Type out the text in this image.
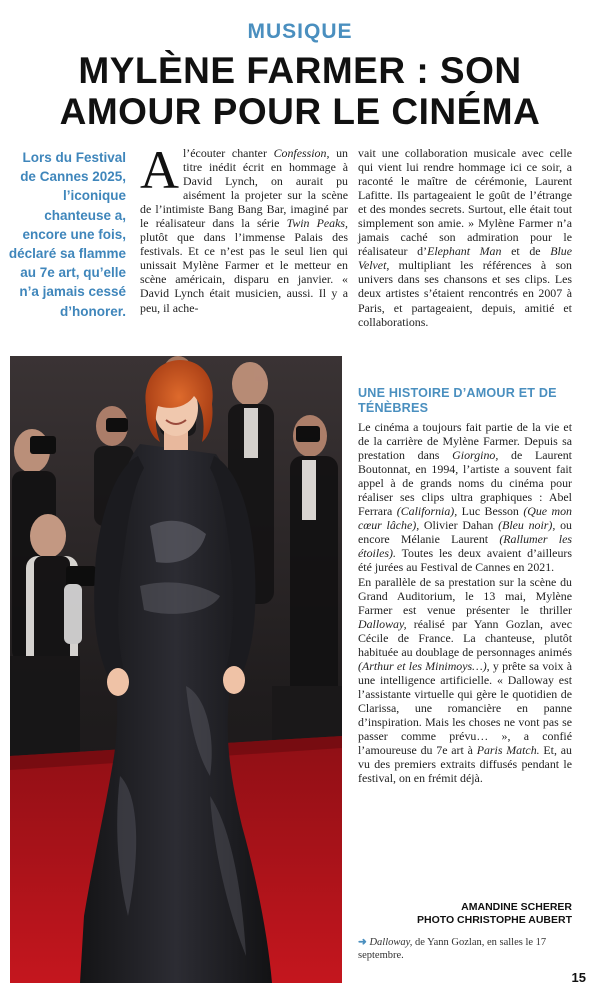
MUSIQUE
MYLÈNE FARMER : SON
AMOUR POUR LE CINÉMA
Lors du Festival de Cannes 2025, l’iconique chanteuse a, encore une fois, déclaré sa flamme au 7e art, qu’elle n’a jamais cessé d’honorer.

Al’écouter chanter Confession, un titre inédit écrit en hommage à David Lynch, on aurait pu aisément la projeter sur la scène de l’intimiste Bang Bang Bar, imaginé par le réalisateur dans la série Twin Peaks, plutôt que dans l’immense Palais des festivals. Et ce n’est pas le seul lien qui unissait Mylène Farmer et le metteur en scène américain, disparu en janvier. « David Lynch était musicien, aussi. Il y a peu, il ache-

vait une collaboration musicale avec celle qui vient lui rendre hommage ici ce soir, a raconté le maître de cérémonie, Laurent Lafitte. Ils partageaient le goût de l’étrange et des mondes secrets. Surtout, elle était tout simplement son amie. » Mylène Farmer n’a jamais caché son admiration pour le réalisateur d’Elephant Man et de Blue Velvet, multipliant les références à son univers dans ses chansons et ses clips. Les deux artistes s’étaient rencontrés en 2007 à Paris, et partageaient, depuis, amitié et collaborations.

UNE HISTOIRE D’AMOUR ET DE TÉNÈBRES

Le cinéma a toujours fait partie de la vie et de la carrière de Mylène Farmer. Depuis sa prestation dans Giorgino, de Laurent Boutonnat, en 1994, l’artiste a souvent fait appel à de grands noms du cinéma pour réaliser ses clips ultra graphiques : Abel Ferrara (California), Luc Besson (Que mon cœur lâche), Olivier Dahan (Bleu noir), ou encore Mélanie Laurent (Rallumer les étoiles). Toutes les deux avaient d’ailleurs été jurées au Festival de Cannes en 2021.

En parallèle de sa prestation sur la scène du Grand Auditorium, le 13 mai, Mylène Farmer est venue présenter le thriller Dalloway, réalisé par Yann Gozlan, avec Cécile de France. La chanteuse, plutôt habituée au doublage de personnages animés (Arthur et les Minimoys…), y prête sa voix à une intelligence artificielle. « Dalloway est l’assistante virtuelle qui gère le quotidien de Clarissa, une romancière en panne d’inspiration. Mais les choses ne vont pas se passer comme prévu… », a confié l’amoureuse du 7e art à Paris Match. Et, au vu des premiers extraits diffusés pendant le festival, on en frémit déjà.

AMANDINE SCHERER
PHOTO CHRISTOPHE AUBERT
➜ Dalloway, de Yann Gozlan, en salles le 17 septembre.
15
